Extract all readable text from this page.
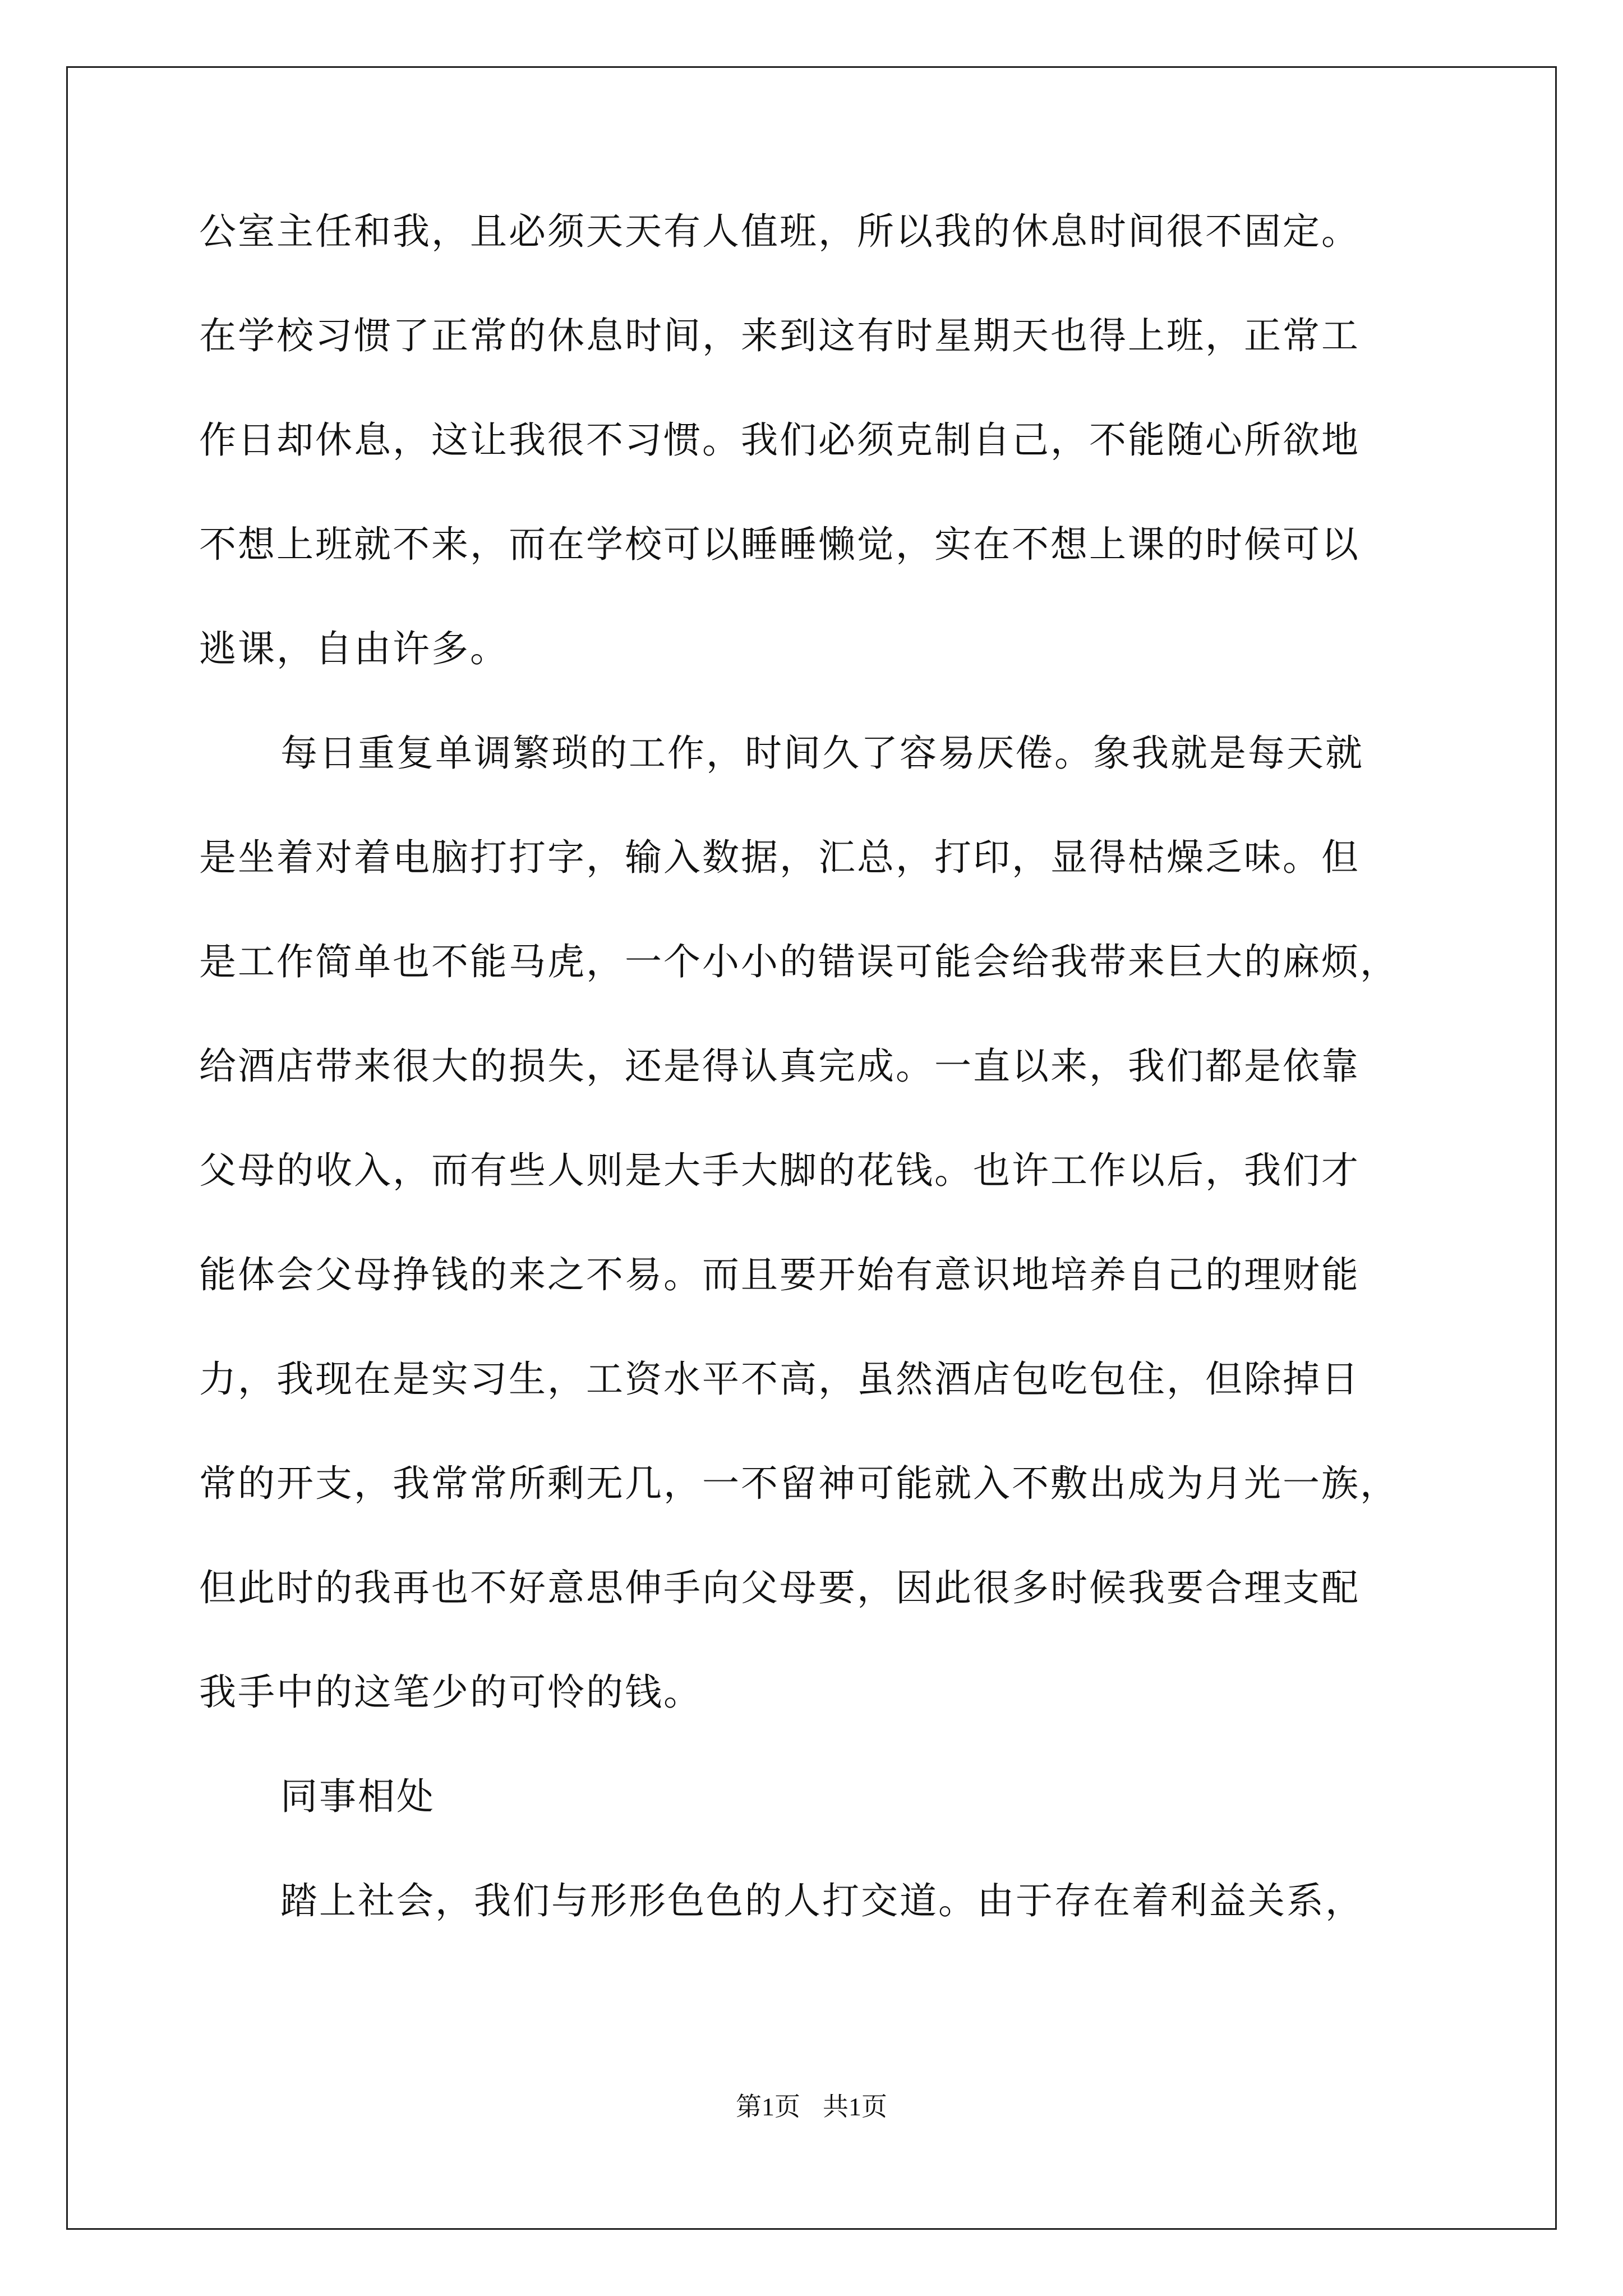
公室主任和我，且必须天天有人值班，所以我的休息时间很不固定。
在学校习惯了正常的休息时间，来到这有时星期天也得上班，正常工
作日却休息，这让我很不习惯。我们必须克制自己，不能随心所欲地
不想上班就不来，而在学校可以睡睡懒觉，实在不想上课的时候可以
逃课，自由许多。
每日重复单调繁琐的工作，时间久了容易厌倦。象我就是每天就
是坐着对着电脑打打字，输入数据，汇总，打印，显得枯燥乏味。但
是工作简单也不能马虎，一个小小的错误可能会给我带来巨大的麻烦，
给酒店带来很大的损失，还是得认真完成。一直以来，我们都是依靠
父母的收入，而有些人则是大手大脚的花钱。也许工作以后，我们才
能体会父母挣钱的来之不易。而且要开始有意识地培养自己的理财能
力，我现在是实习生，工资水平不高，虽然酒店包吃包住，但除掉日
常的开支，我常常所剩无几，一不留神可能就入不敷出成为月光一族，
但此时的我再也不好意思伸手向父母要，因此很多时候我要合理支配
我手中的这笔少的可怜的钱。
同事相处
踏上社会，我们与形形色色的人打交道。由于存在着利益关系，
第1页 共1页
